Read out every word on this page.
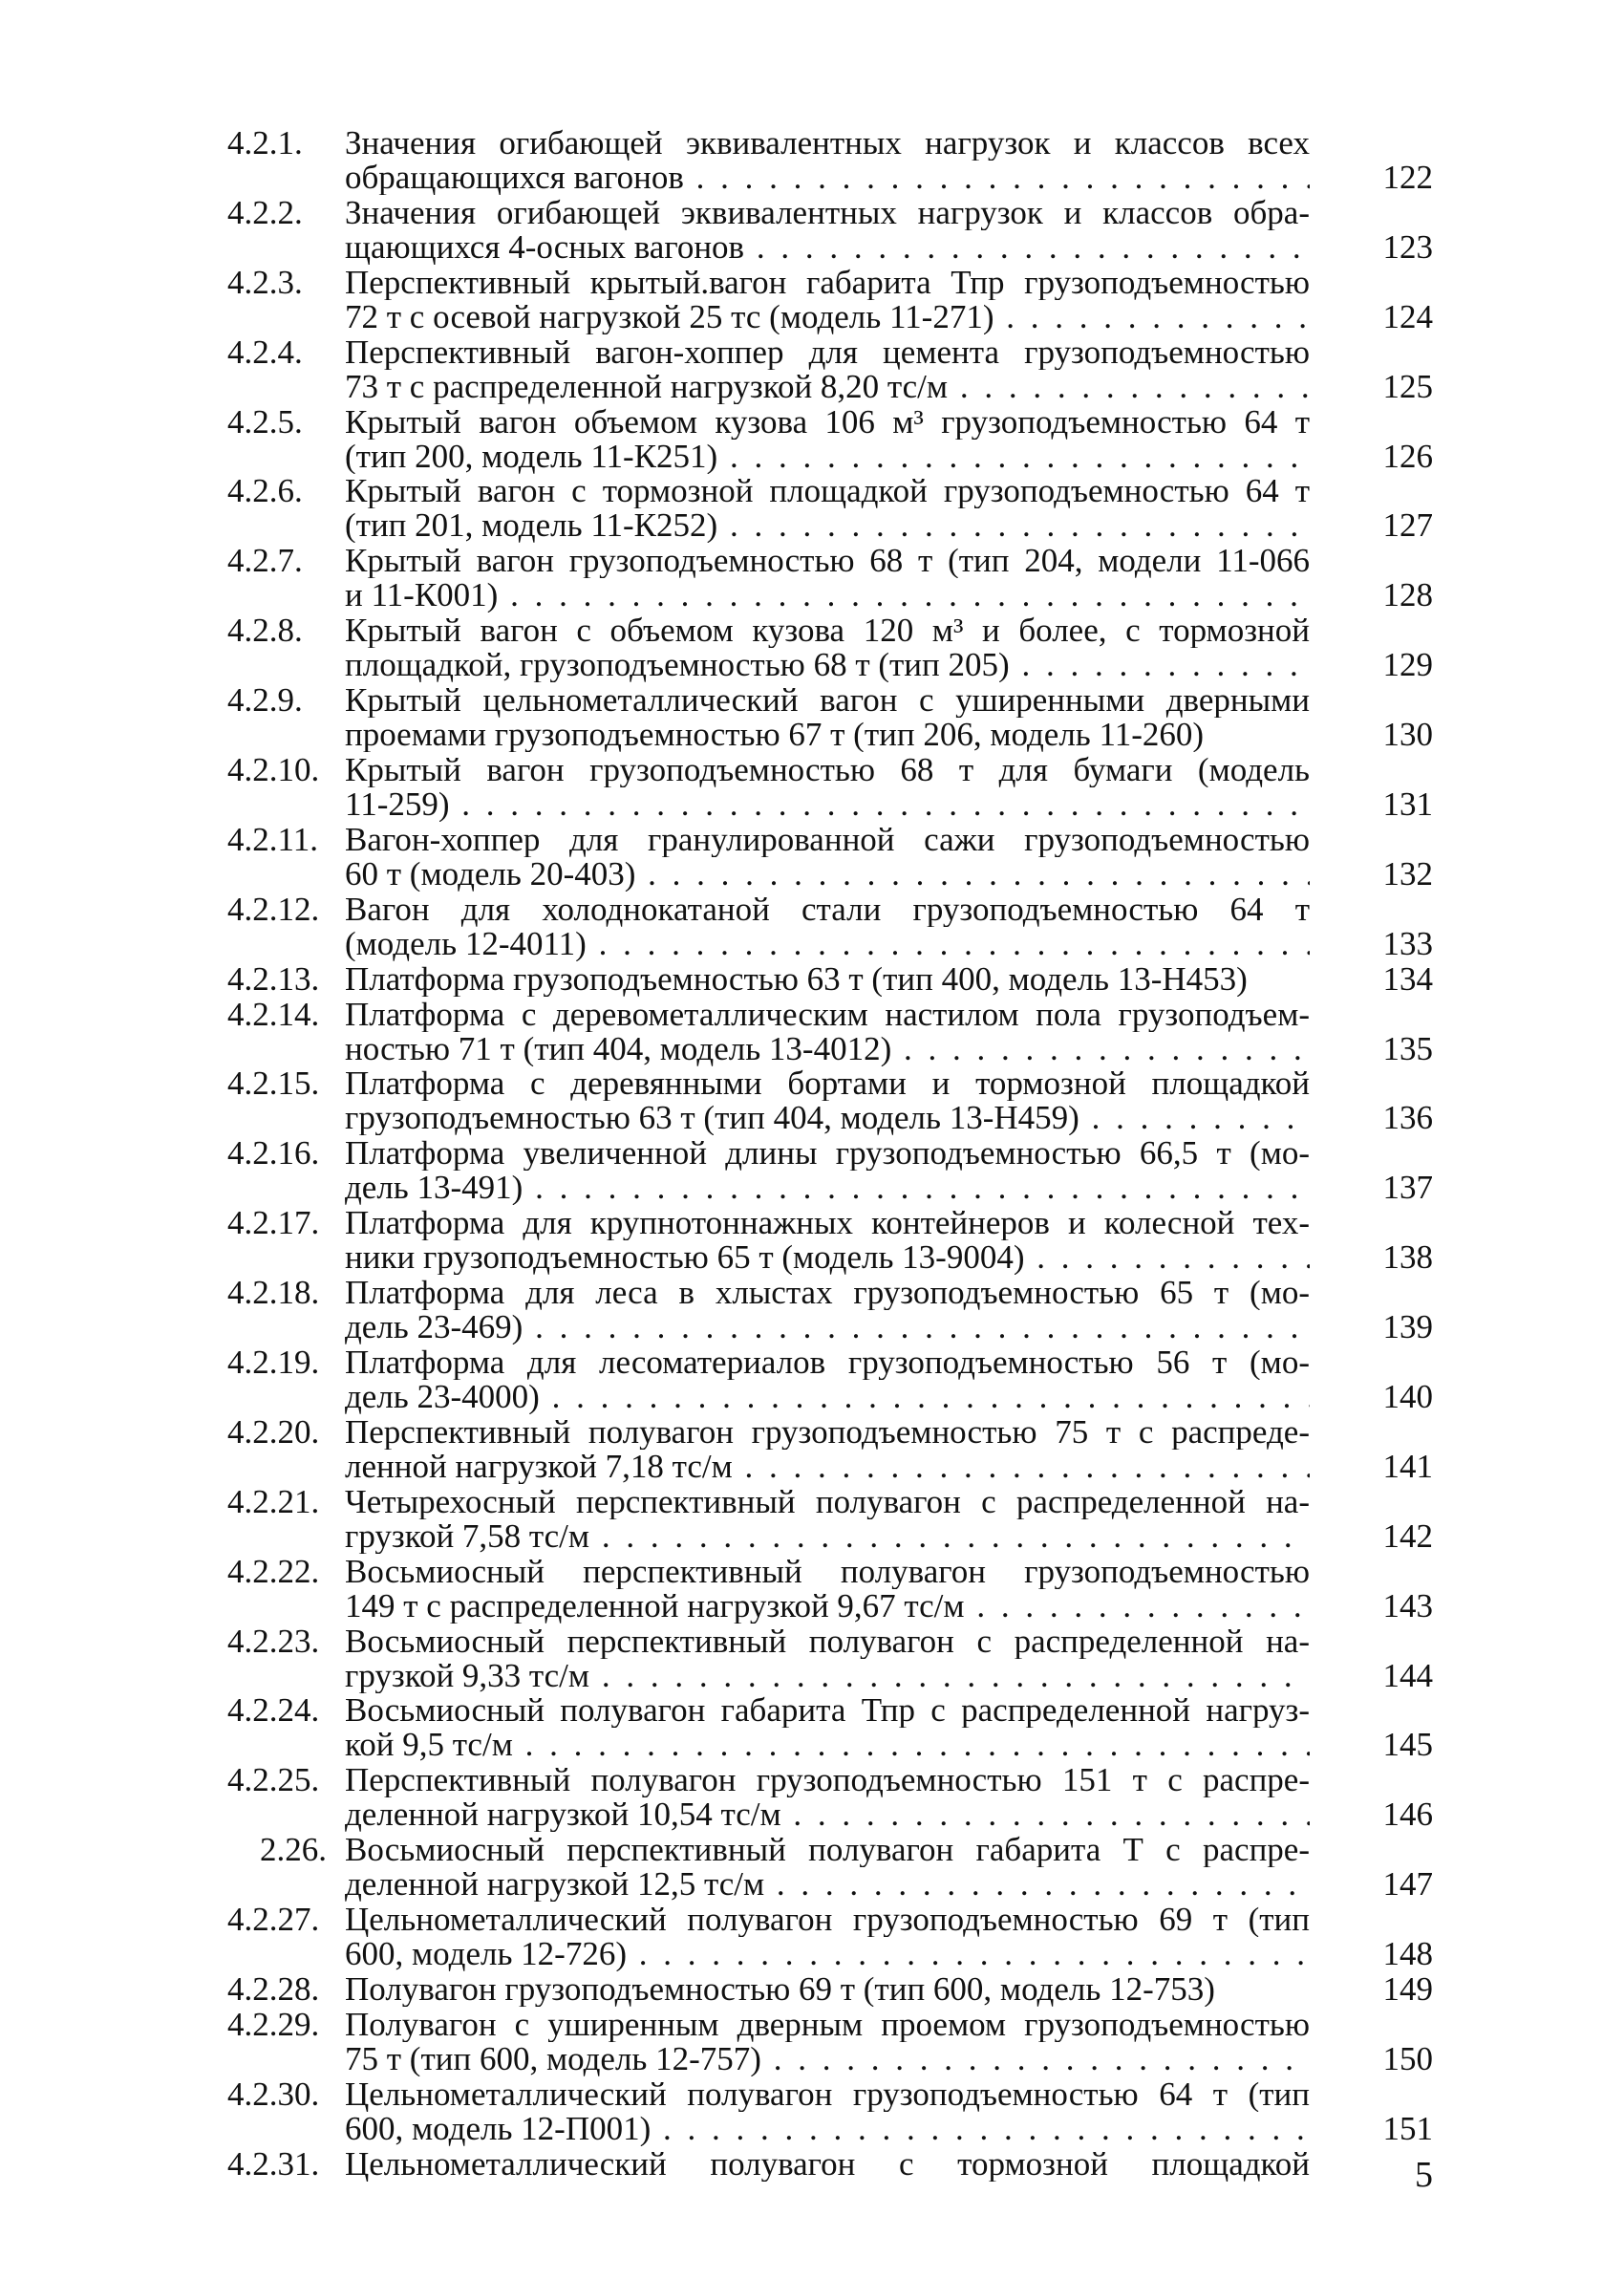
4.2.1.	Значения огибающей эквивалентных нагрузок и классов всех
обращающихся вагонов . . .	122
4.2.2.	Значения огибающей эквивалентных нагрузок и классов обра-
щающихся 4-осных вагонов . . .	123
4.2.3.	Перспективный крытый.вагон габарита Тпр грузоподъемностью
72 т с осевой нагрузкой 25 тс (модель 11-271) . . .	124
4.2.4.	Перспективный вагон-хоппер для цемента грузоподъемностью
73 т с распределенной нагрузкой 8,20 тс/м . . .	125
4.2.5.	Крытый вагон объемом кузова 106 м³ грузоподъемностью 64 т
(тип 200, модель 11-К251) . . .	126
4.2.6.	Крытый вагон с тормозной площадкой грузоподъемностью 64 т
(тип 201, модель 11-К252) . . .	127
4.2.7.	Крытый вагон грузоподъемностью 68 т (тип 204, модели 11-066
и 11-К001) . . .	128
4.2.8.	Крытый вагон с объемом кузова 120 м³ и более, с тормозной
площадкой, грузоподъемностью 68 т (тип 205) . . .	129
4.2.9.	Крытый цельнометаллический вагон с уширенными дверными
проемами грузоподъемностью 67 т (тип 206, модель 11-260)	130
4.2.10. Крытый вагон грузоподъемностью 68 т для бумаги (модель
11-259) . . .	131
4.2.11. Вагон-хоппер для гранулированной сажи грузоподъемностью
60 т (модель 20-403) . . .	132
4.2.12. Вагон для холоднокатаной стали грузоподъемностью 64 т
(модель 12-4011) . . .	133
4.2.13. Платформа грузоподъемностью 63 т (тип 400, модель 13-Н453)	134
4.2.14. Платформа с деревометаллическим настилом пола грузоподъем-
ностью 71 т (тип 404, модель 13-4012) . . .	135
4.2.15. Платформа с деревянными бортами и тормозной площадкой
грузоподъемностью 63 т (тип 404, модель 13-Н459) . . .	136
4.2.16. Платформа увеличенной длины грузоподъемностью 66,5 т (мо-
дель 13-491) . . .	137
4.2.17. Платформа для крупнотоннажных контейнеров и колесной тех-
ники грузоподъемностью 65 т (модель 13-9004) . . .	138
4.2.18. Платформа для леса в хлыстах грузоподъемностью 65 т (мо-
дель 23-469) . . .	139
4.2.19. Платформа для лесоматериалов грузоподъемностью 56 т (мо-
дель 23-4000) . . .	140
4.2.20. Перспективный полувагон грузоподъемностью 75 т с распреде-
ленной нагрузкой 7,18 тс/м . . .	141
4.2.21. Четырехосный перспективный полувагон с распределенной на-
грузкой 7,58 тс/м . . .	142
4.2.22. Восьмиосный перспективный полувагон грузоподъемностью
149 т с распределенной нагрузкой 9,67 тс/м . . .	143
4.2.23. Восьмиосный перспективный полувагон с распределенной на-
грузкой 9,33 тс/м . . .	144
4.2.24. Восьмиосный полувагон габарита Тпр с распределенной нагруз-
кой 9,5 тс/м . . .	145
4.2.25. Перспективный полувагон грузоподъемностью 151 т с распре-
деленной нагрузкой 10,54 тс/м . . .	146
2.26. Восьмиосный перспективный полувагон габарита Т с распре-
деленной нагрузкой 12,5 тс/м . . .	147
4.2.27. Цельнометаллический полувагон грузоподъемностью 69 т (тип
600, модель 12-726) . . .	148
4.2.28. Полувагон грузоподъемностью 69 т (тип 600, модель 12-753)	149
4.2.29. Полувагон с уширенным дверным проемом грузоподъемностью
75 т (тип 600, модель 12-757) . . .	150
4.2.30. Цельнометаллический полувагон грузоподъемностью 64 т (тип
600, модель 12-П001) . . .	151
4.2.31. Цельнометаллический полувагон с тормозной площадкой	5
